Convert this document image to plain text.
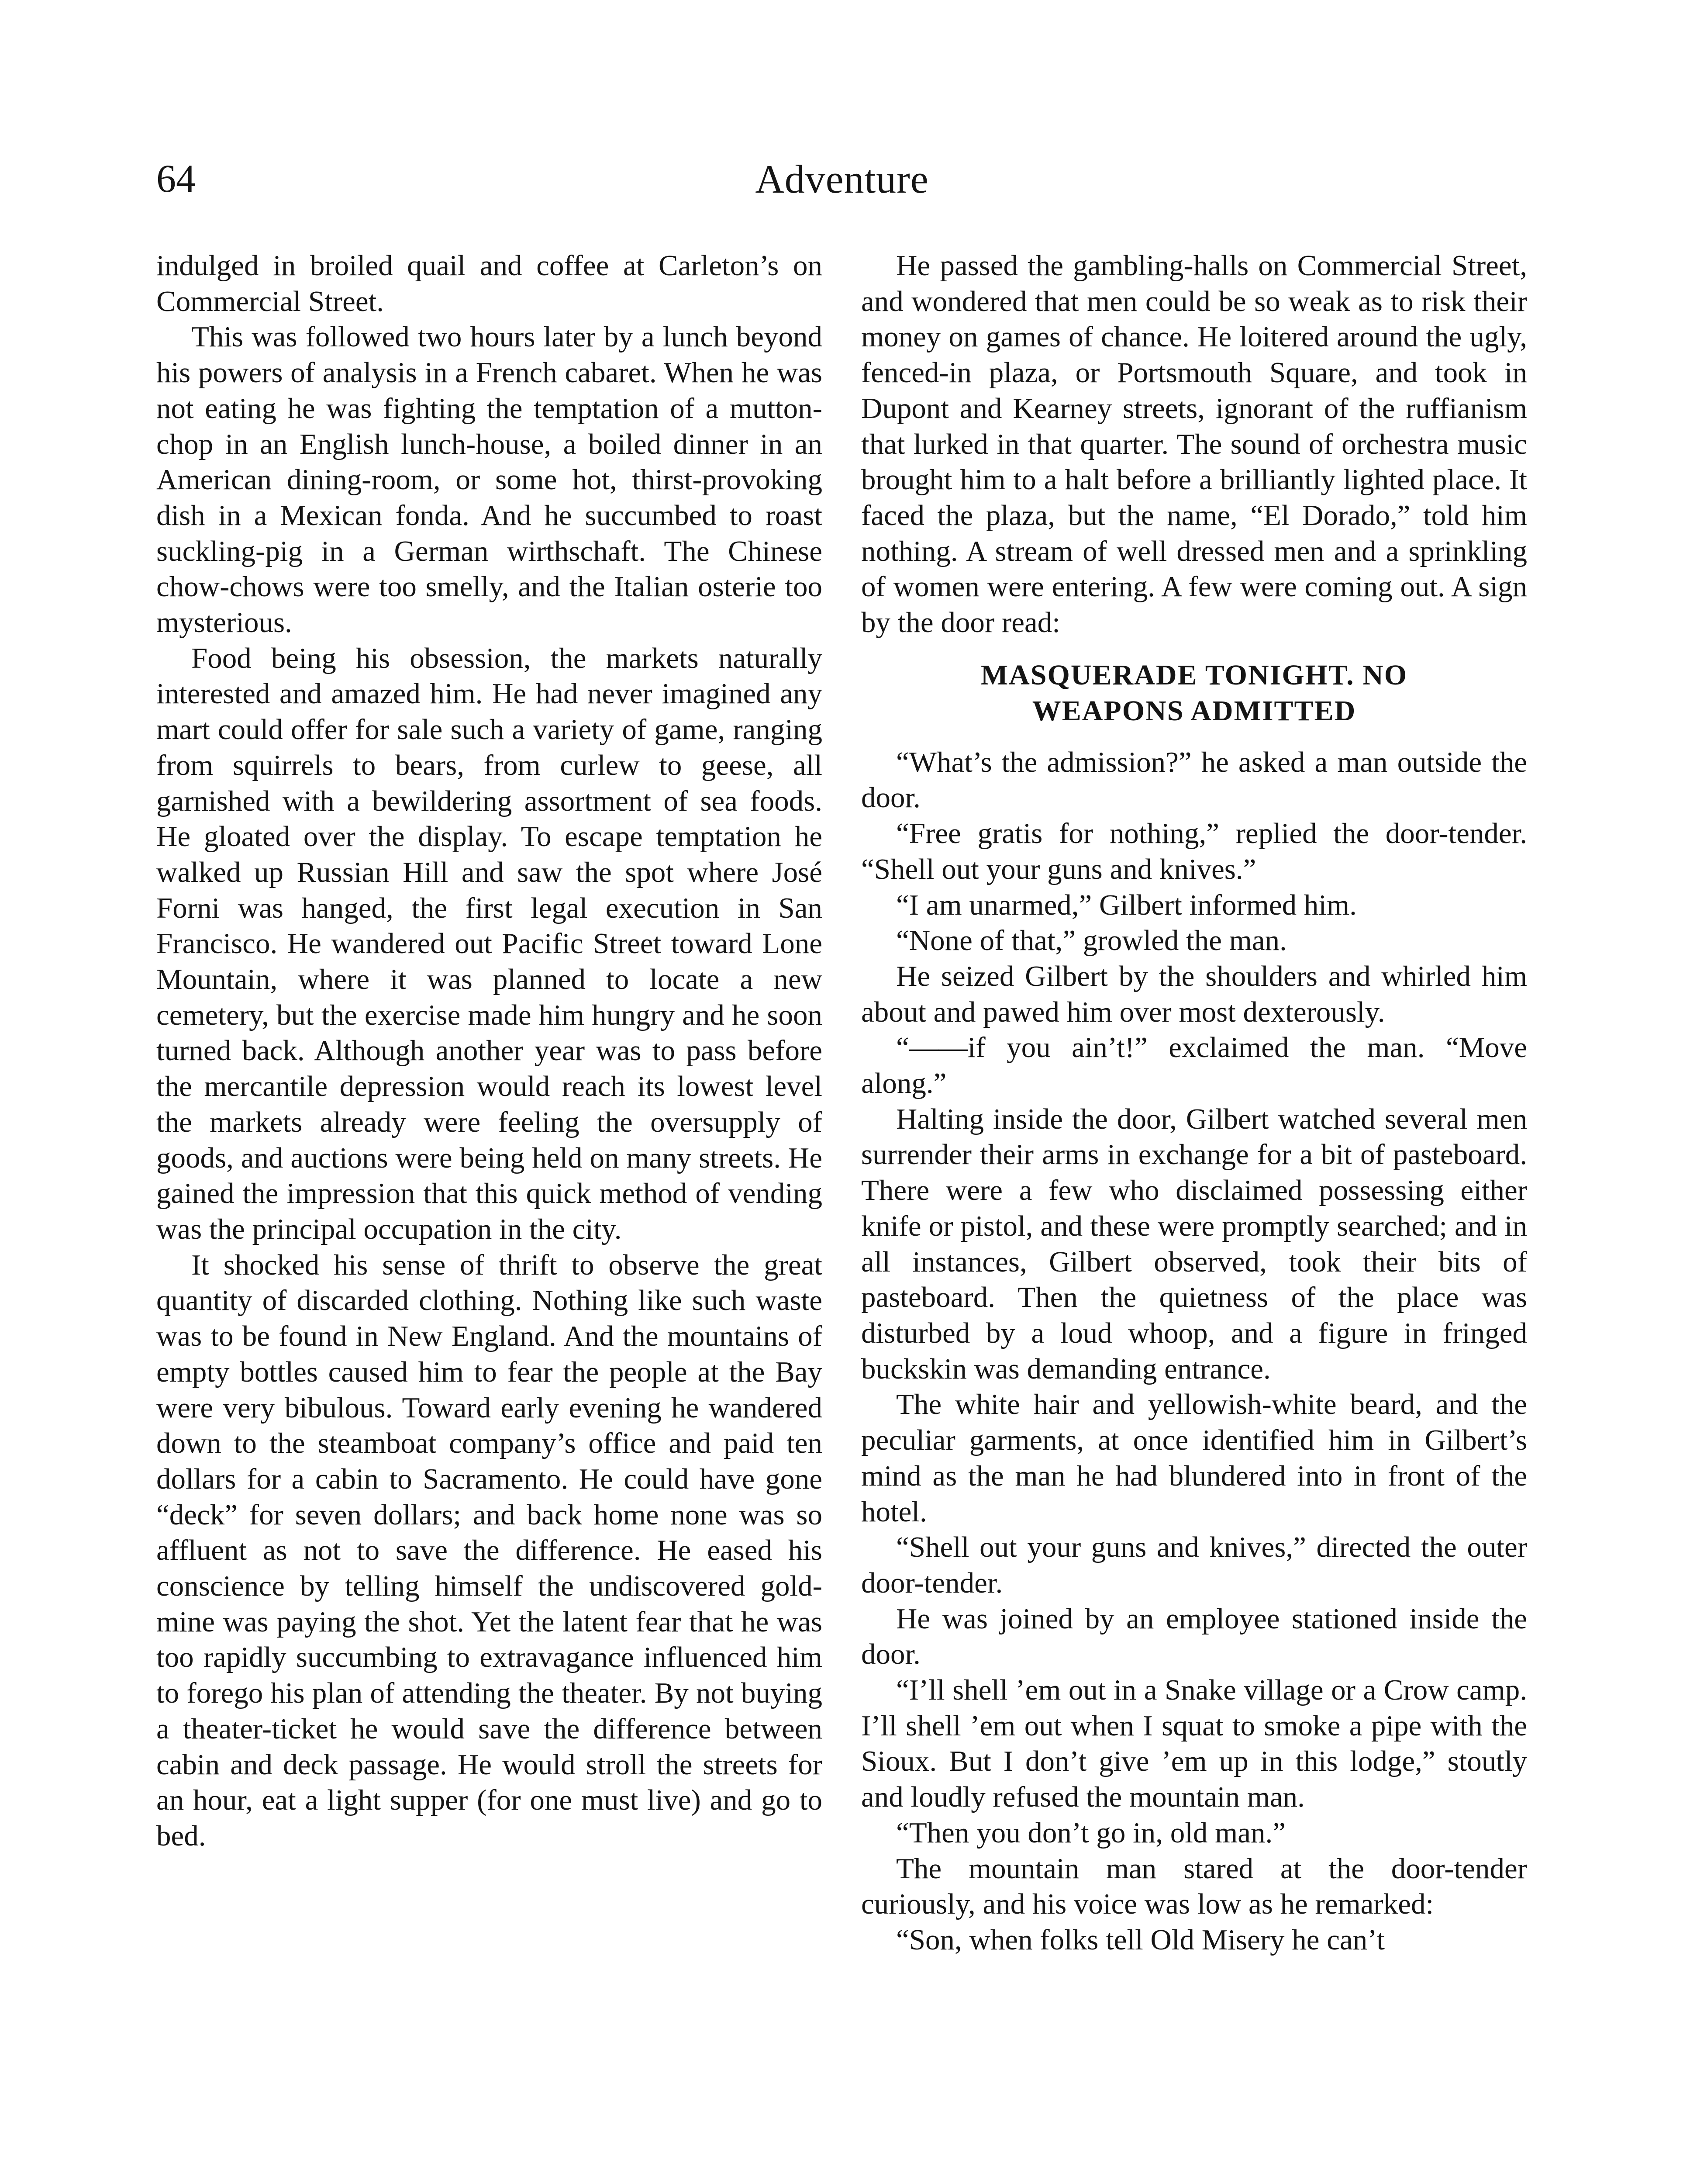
64	Adventure

indulged in broiled quail and coffee at Carleton’s on Commercial Street.

This was followed two hours later by a lunch beyond his powers of analysis in a French cabaret. When he was not eating he was fighting the temptation of a mutton-chop in an English lunch-house, a boiled dinner in an American dining-room, or some hot, thirst-provoking dish in a Mexican fonda. And he succumbed to roast suckling-pig in a German wirthschaft. The Chinese chow-chows were too smelly, and the Italian osterie too mysterious.

Food being his obsession, the markets naturally interested and amazed him. He had never imagined any mart could offer for sale such a variety of game, ranging from squirrels to bears, from curlew to geese, all garnished with a bewildering assortment of sea foods. He gloated over the display. To escape temptation he walked up Russian Hill and saw the spot where José Forni was hanged, the first legal execution in San Francisco. He wandered out Pacific Street toward Lone Mountain, where it was planned to locate a new cemetery, but the exercise made him hungry and he soon turned back. Although another year was to pass before the mercantile depression would reach its lowest level the markets already were feeling the oversupply of goods, and auctions were being held on many streets. He gained the impression that this quick method of vending was the principal occupation in the city.

It shocked his sense of thrift to observe the great quantity of discarded clothing. Nothing like such waste was to be found in New England. And the mountains of empty bottles caused him to fear the people at the Bay were very bibulous. Toward early evening he wandered down to the steamboat company’s office and paid ten dollars for a cabin to Sacramento. He could have gone “deck” for seven dollars; and back home none was so affluent as not to save the difference. He eased his conscience by telling himself the undiscovered gold-mine was paying the shot. Yet the latent fear that he was too rapidly succumbing to extravagance influenced him to forego his plan of attending the theater. By not buying a theater-ticket he would save the difference between cabin and deck passage. He would stroll the streets for an hour, eat a light supper (for one must live) and go to bed.

He passed the gambling-halls on Commercial Street, and wondered that men could be so weak as to risk their money on games of chance. He loitered around the ugly, fenced-in plaza, or Portsmouth Square, and took in Dupont and Kearney streets, ignorant of the ruffianism that lurked in that quarter. The sound of orchestra music brought him to a halt before a brilliantly lighted place. It faced the plaza, but the name, “El Dorado,” told him nothing. A stream of well dressed men and a sprinkling of women were entering. A few were coming out. A sign by the door read:

MASQUERADE TONIGHT. NO
WEAPONS ADMITTED

“What’s the admission?” he asked a man outside the door.

“Free gratis for nothing,” replied the door-tender. “Shell out your guns and knives.”

“I am unarmed,” Gilbert informed him.

“None of that,” growled the man.

He seized Gilbert by the shoulders and whirled him about and pawed him over most dexterously.

“——if you ain’t!” exclaimed the man. “Move along.”

Halting inside the door, Gilbert watched several men surrender their arms in exchange for a bit of pasteboard. There were a few who disclaimed possessing either knife or pistol, and these were promptly searched; and in all instances, Gilbert observed, took their bits of pasteboard. Then the quietness of the place was disturbed by a loud whoop, and a figure in fringed buckskin was demanding entrance.

The white hair and yellowish-white beard, and the peculiar garments, at once identified him in Gilbert’s mind as the man he had blundered into in front of the hotel.

“Shell out your guns and knives,” directed the outer door-tender.

He was joined by an employee stationed inside the door.

“I’ll shell ’em out in a Snake village or a Crow camp. I’ll shell ’em out when I squat to smoke a pipe with the Sioux. But I don’t give ’em up in this lodge,” stoutly and loudly refused the mountain man.

“Then you don’t go in, old man.”

The mountain man stared at the door-tender curiously, and his voice was low as he remarked:

“Son, when folks tell Old Misery he can’t
